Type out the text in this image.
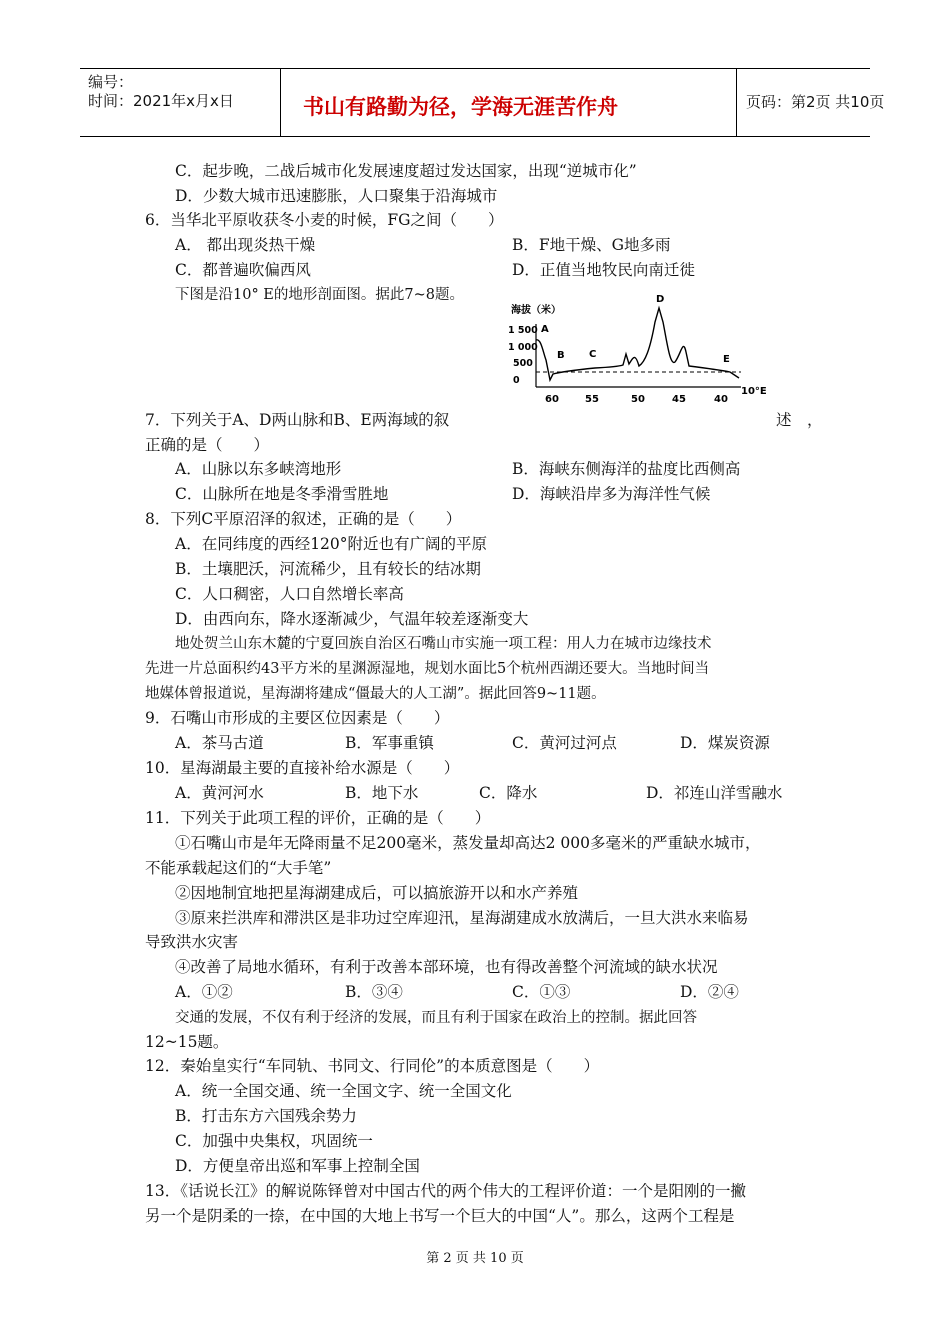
编号：
时间：2021年x月x日	书山有路勤为径，学海无涯苦作舟	页码：第2页 共10页
C．起步晚，二战后城市化发展速度超过发达国家，出现“逆城市化”
D．少数大城市迅速膨胀，人口聚集于沿海城市
6．当华北平原收获冬小麦的时候，FG之间（　　）
A． 都出现炎热干燥	B．F地干燥、G地多雨
C．都普遍吹偏西风	D．正值当地牧民向南迁徙
下图是沿10° E的地形剖面图。据此7~8题。
海拔（米）
1 500
1 000
500
0
A
B C
D
E
60	55	50	45	40
10°E
7．下列关于A、D两山脉和B、E两海域的叙	述　，
正确的是（　　）
A．山脉以东多峡湾地形	B．海峡东侧海洋的盐度比西侧高
C．山脉所在地是冬季滑雪胜地	D．海峡沿岸多为海洋性气候
8．下列C平原沼泽的叙述，正确的是（　　）
A．在同纬度的西经120°附近也有广阔的平原
B．土壤肥沃，河流稀少，且有较长的结冰期
C．人口稠密，人口自然增长率高
D．由西向东，降水逐渐减少，气温年较差逐渐变大
地处贺兰山东木麓的宁夏回族自治区石嘴山市实施一项工程：用人力在城市边缘技术
先进一片总面积约43平方米的星渊源湿地，规划水面比5个杭州西湖还要大。当地时间当
地媒体曾报道说，星海湖将建成“僵最大的人工湖”。据此回答9~11题。
9．石嘴山市形成的主要区位因素是（　　）
A．茶马古道	B．军事重镇	C．黄河过河点	D．煤炭资源
10．星海湖最主要的直接补给水源是（　　）
A．黄河河水	B．地下水	C．降水	D．祁连山洋雪融水
11．下列关于此项工程的评价，正确的是（　　）
①石嘴山市是年无降雨量不足200毫米，蒸发量却高达2 000多毫米的严重缺水城市，
不能承载起这们的“大手笔”
②因地制宜地把星海湖建成后，可以搞旅游开以和水产养殖
③原来拦洪库和滞洪区是非功过空库迎汛，星海湖建成水放满后，一旦大洪水来临易
导致洪水灾害
④改善了局地水循环，有利于改善本部环境，也有得改善整个河流域的缺水状况
A．①②	B．③④	C．①③	D．②④
交通的发展，不仅有利于经济的发展，而且有利于国家在政治上的控制。据此回答
12~15题。
12．秦始皇实行“车同轨、书同文、行同伦”的本质意图是（　　）
A．统一全国交通、统一全国文字、统一全国文化
B．打击东方六国残余势力
C．加强中央集权，巩固统一
D．方便皇帝出巡和军事上控制全国
13．《话说长江》的解说陈铎曾对中国古代的两个伟大的工程评价道：一个是阳刚的一撇
另一个是阴柔的一捺，在中国的大地上书写一个巨大的中国“人”。那么，这两个工程是
第 2 页 共 10 页
